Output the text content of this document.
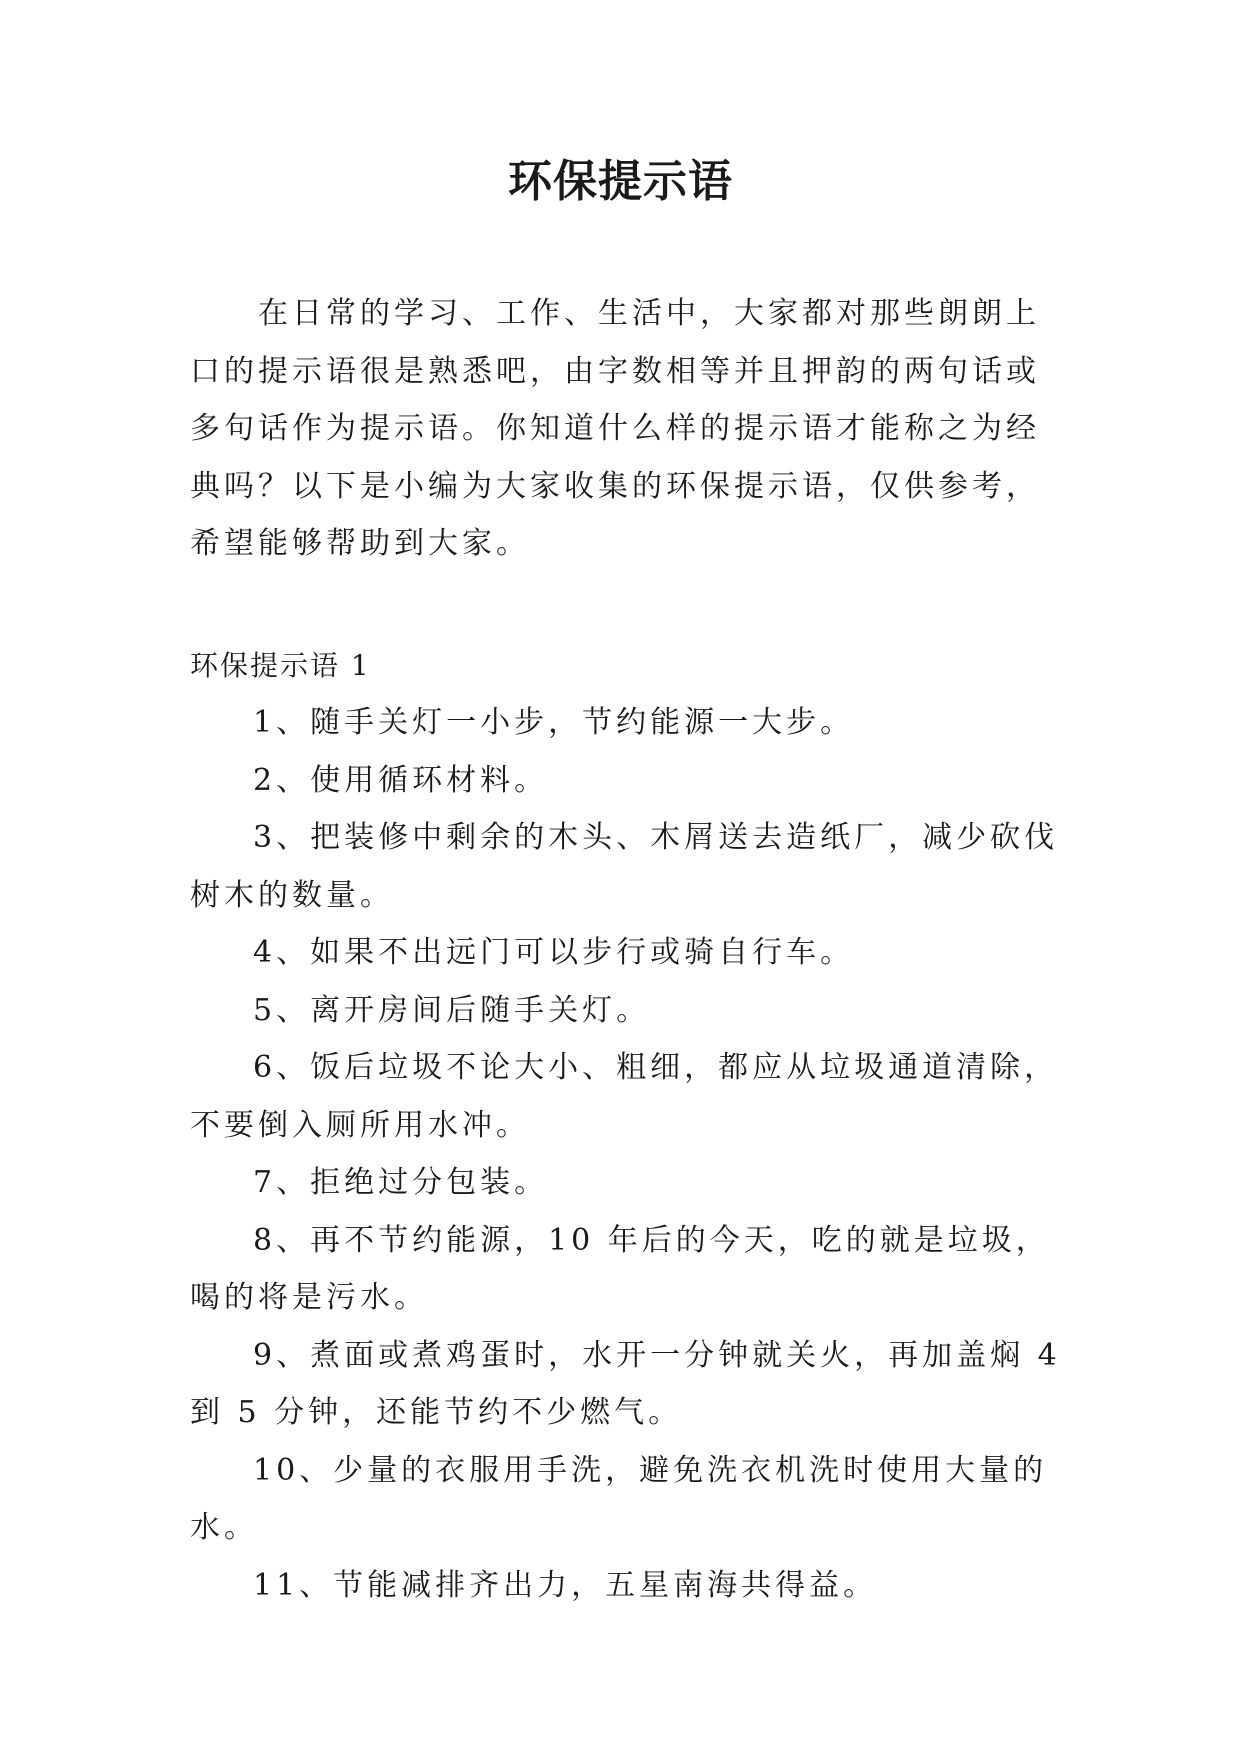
环保提示语

在日常的学习、工作、生活中，大家都对那些朗朗上口的提示语很是熟悉吧，由字数相等并且押韵的两句话或多句话作为提示语。你知道什么样的提示语才能称之为经典吗？以下是小编为大家收集的环保提示语，仅供参考，希望能够帮助到大家。

环保提示语 1

1、随手关灯一小步，节约能源一大步。
2、使用循环材料。
3、把装修中剩余的木头、木屑送去造纸厂，减少砍伐树木的数量。
4、如果不出远门可以步行或骑自行车。
5、离开房间后随手关灯。
6、饭后垃圾不论大小、粗细，都应从垃圾通道清除，不要倒入厕所用水冲。
7、拒绝过分包装。
8、再不节约能源，10 年后的今天，吃的就是垃圾，喝的将是污水。
9、煮面或煮鸡蛋时，水开一分钟就关火，再加盖焖 4 到 5 分钟，还能节约不少燃气。
10、少量的衣服用手洗，避免洗衣机洗时使用大量的水。
11、节能减排齐出力，五星南海共得益。
